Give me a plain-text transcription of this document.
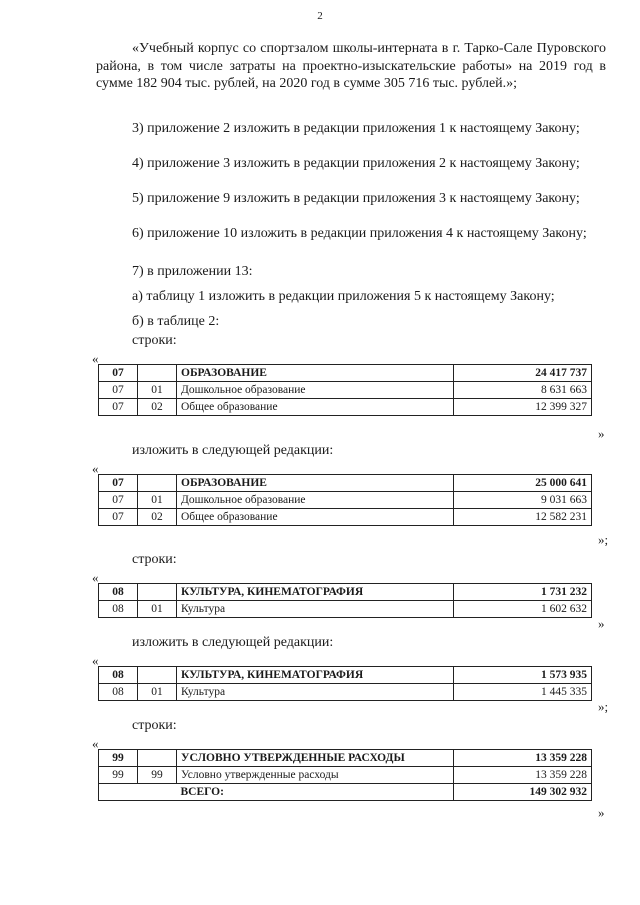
2
«Учебный корпус со спортзалом школы-интерната в г. Тарко-Сале Пуровского района, в том числе затраты на проектно-изыскательские работы» на 2019 год в сумме 182 904 тыс. рублей, на 2020 год в сумме 305 716 тыс. рублей.»;
3) приложение 2 изложить в редакции приложения 1 к настоящему Закону;
4) приложение 3 изложить в редакции приложения 2 к настоящему Закону;
5) приложение 9 изложить в редакции приложения 3 к настоящему Закону;
6) приложение 10 изложить в редакции приложения 4 к настоящему Закону;
7) в приложении 13:
а) таблицу 1 изложить в редакции приложения 5 к настоящему Закону;
б) в таблице 2:
строки:
«
07		ОБРАЗОВАНИЕ	24 417 737
07	01	Дошкольное образование	8 631 663
07	02	Общее образование	12 399 327
»
изложить в следующей редакции:
«
07		ОБРАЗОВАНИЕ	25 000 641
07	01	Дошкольное образование	9 031 663
07	02	Общее образование	12 582 231
»;
строки:
«
08		КУЛЬТУРА, КИНЕМАТОГРАФИЯ	1 731 232
08	01	Культура	1 602 632
»
изложить в следующей редакции:
«
08		КУЛЬТУРА, КИНЕМАТОГРАФИЯ	1 573 935
08	01	Культура	1 445 335
»;
строки:
«
99		УСЛОВНО УТВЕРЖДЕННЫЕ РАСХОДЫ	13 359 228
99	99	Условно утвержденные расходы	13 359 228
		ВСЕГО:	149 302 932
»
